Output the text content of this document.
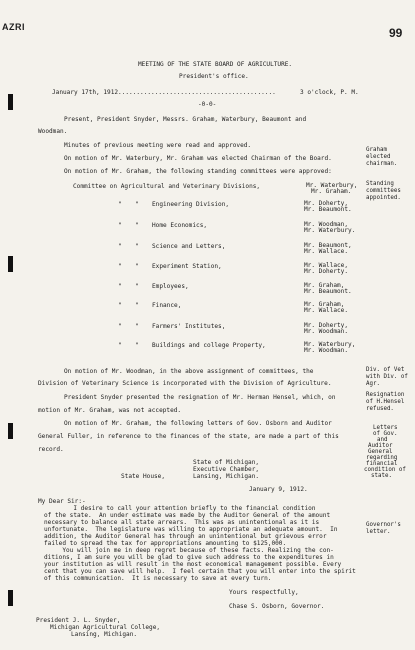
AZRI	99
MEETING OF THE STATE BOARD OF AGRICULTURE.
President's office.
January 17th, 1912...........................................	3 o'clock, P. M.
-0-0-
Present, President Snyder, Messrs. Graham, Waterbury, Beaumont and
Woodman.
Minutes of previous meeting were read and approved.
On motion of Mr. Waterbury, Mr. Graham was elected Chairman of the Board.
On motion of Mr. Graham, the following standing committees were approved:
Committee on Agricultural and Veterinary Divisions,	Mr. Waterbury,
Mr. Graham.
" " Engineering Division,	Mr. Doherty,
Mr. Beaumont.
" " Home Economics,	Mr. Woodman,
Mr. Waterbury.
" " Science and Letters,	Mr. Beaumont,
Mr. Wallace.
" " Experiment Station,	Mr. Wallace,
Mr. Doherty.
" " Employees,	Mr. Graham,
Mr. Beaumont.
" " Finance,	Mr. Graham,
Mr. Wallace.
" " Farmers' Institutes,	Mr. Doherty,
Mr. Woodman.
" " Buildings and college Property,	Mr. Waterbury,
Mr. Woodman.
On motion of Mr. Woodman, in the above assignment of committees, the
Division of Veterinary Science is incorporated with the Division of Agriculture.
President Snyder presented the resignation of Mr. Herman Hensel, which, on
motion of Mr. Graham, was not accepted.
On motion of Mr. Graham, the following letters of Gov. Osborn and Auditor
General Fuller, in reference to the finances of the state, are made a part of this
record.
State of Michigan,
Executive Chamber,
State House,	Lansing, Michigan.
January 9, 1912.
My Dear Sir:-
I desire to call your attention briefly to the financial condition
of the state.  An under estimate was made by the Auditor General of the amount
necessary to balance all state arrears.  This was as unintentional as it is
unfortunate.  The legislature was willing to appropriate an adequate amount.  In
addition, the Auditor General has through an unintentional but grievous error
failed to spread the tax for appropriations amounting to $125,000.
You will join me in deep regret because of these facts. Realizing the con-
ditions, I am sure you will be glad to give such address to the expenditures in
your institution as will result in the most economical management possible. Every
cent that you can save will help.  I feel certain that you will enter into the spirit
of this communication.  It is necessary to save at every turn.
Yours respectfully,
Chase S. Osborn, Governor.
President J. L. Snyder,
Michigan Agricultural College,
Lansing, Michigan.
Graham
elected
chairman.
Standing
committees
appointed.
Div. of Vet
with Div. of
Agr.
Resignation
of H.Hensel
refused.
Letters
of Gov.
and
Auditor
General
regarding
financial
condition of
state.
Governor's
letter.
